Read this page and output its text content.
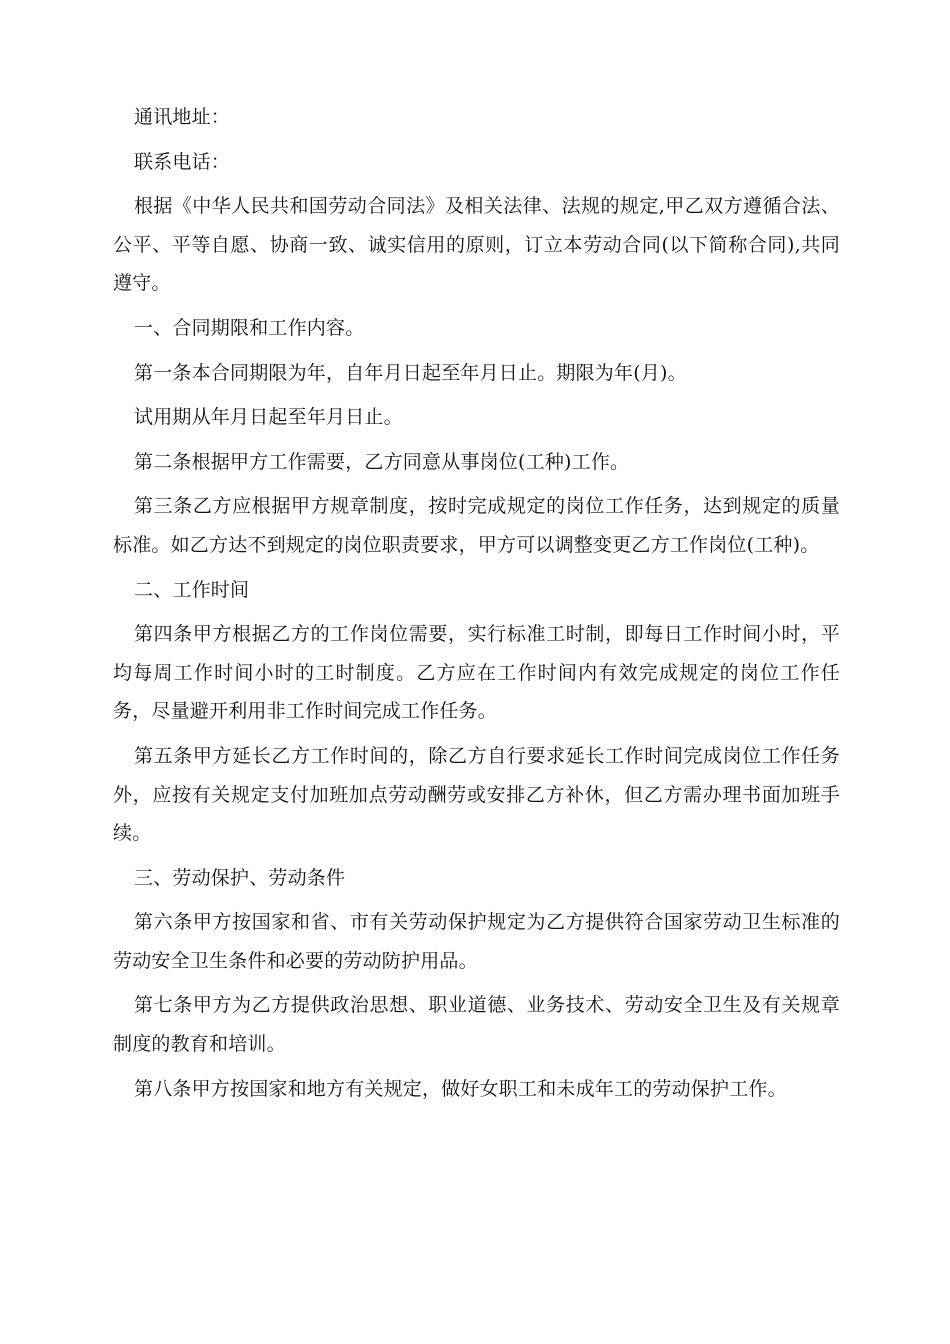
通讯地址：

联系电话：

根据《中华人民共和国劳动合同法》及相关法律、法规的规定,甲乙双方遵循合法、公平、平等自愿、协商一致、诚实信用的原则，订立本劳动合同(以下简称合同),共同遵守。

一、合同期限和工作内容。

第一条本合同期限为年，自年月日起至年月日止。期限为年(月)。

试用期从年月日起至年月日止。

第二条根据甲方工作需要，乙方同意从事岗位(工种)工作。

第三条乙方应根据甲方规章制度，按时完成规定的岗位工作任务，达到规定的质量标准。如乙方达不到规定的岗位职责要求，甲方可以调整变更乙方工作岗位(工种)。

二、工作时间

第四条甲方根据乙方的工作岗位需要，实行标准工时制，即每日工作时间小时，平均每周工作时间小时的工时制度。乙方应在工作时间内有效完成规定的岗位工作任务，尽量避开利用非工作时间完成工作任务。

第五条甲方延长乙方工作时间的，除乙方自行要求延长工作时间完成岗位工作任务外，应按有关规定支付加班加点劳动酬劳或安排乙方补休，但乙方需办理书面加班手续。

三、劳动保护、劳动条件

第六条甲方按国家和省、市有关劳动保护规定为乙方提供符合国家劳动卫生标准的劳动安全卫生条件和必要的劳动防护用品。

第七条甲方为乙方提供政治思想、职业道德、业务技术、劳动安全卫生及有关规章制度的教育和培训。

第八条甲方按国家和地方有关规定，做好女职工和未成年工的劳动保护工作。
